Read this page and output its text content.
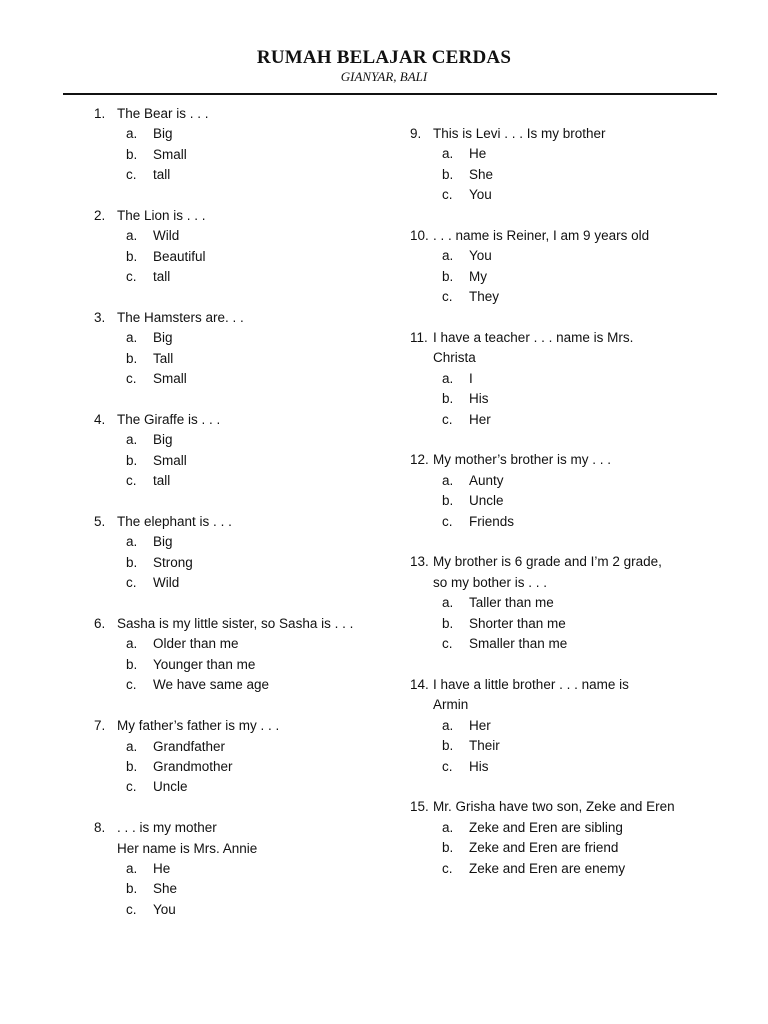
RUMAH BELAJAR CERDAS
GIANYAR, BALI
1. The Bear is . . .
a.	Big
b.	Small
c.	tall
2. The Lion is . . .
a.	Wild
b.	Beautiful
c.	tall
3. The Hamsters are. . .
a.	Big
b.	Tall
c.	Small
4. The Giraffe is . . .
a.	Big
b.	Small
c.	tall
5. The elephant is . . .
a.	Big
b.	Strong
c.	Wild
6. Sasha is my little sister, so Sasha is . . .
a.	Older than me
b.	Younger than me
c.	We have same age
7. My father’s father is my . . .
a.	Grandfather
b.	Grandmother
c.	Uncle
8. . . . is my mother
Her name is Mrs. Annie
a.	He
b.	She
c.	You
9. This is Levi . . . Is my brother
a.	He
b.	She
c.	You
10. . . . name is Reiner, I am 9 years old
a.	You
b.	My
c.	They
11. I have a teacher . . . name is Mrs.
Christa
a.	I
b.	His
c.	Her
12. My mother’s brother is my . . .
a.	Aunty
b.	Uncle
c.	Friends
13. My brother is 6 grade and I’m 2 grade,
so my bother is . . .
a.	Taller than me
b.	Shorter than me
c.	Smaller than me
14. I have a little brother . . . name is
Armin
a.	Her
b.	Their
c.	His
15. Mr. Grisha have two son, Zeke and Eren
a.	Zeke and Eren are sibling
b.	Zeke and Eren are friend
c.	Zeke and Eren are enemy
